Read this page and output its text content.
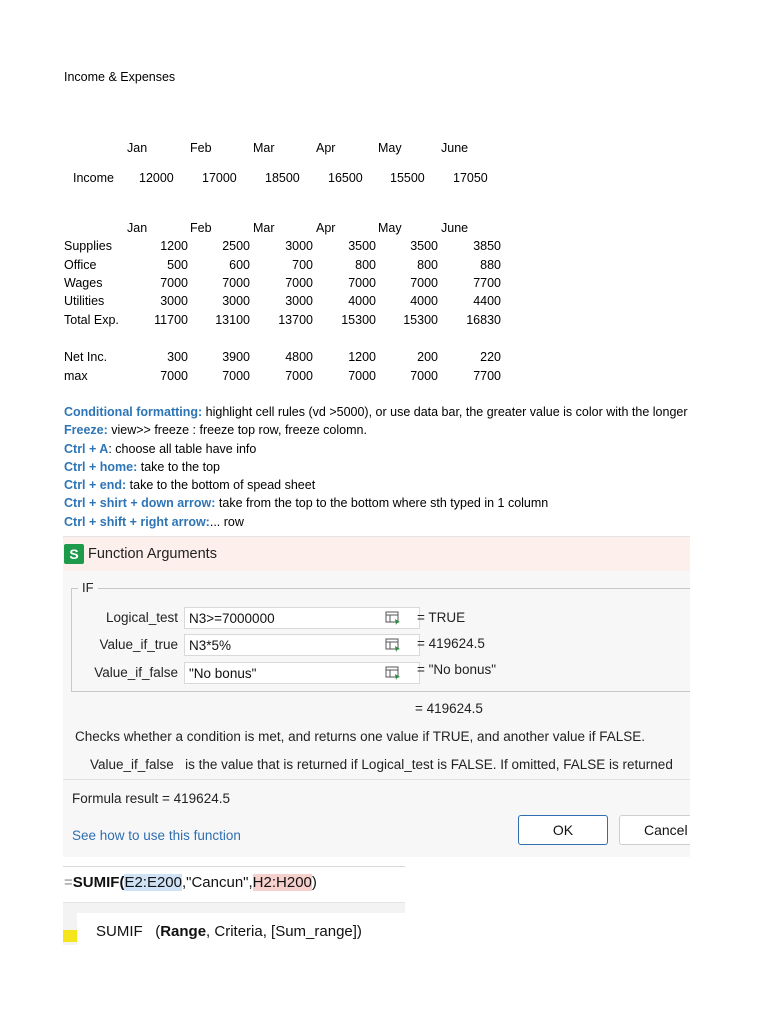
Income & Expenses
Jan	Feb	Mar	Apr	May	June
Income 12000 17000 18500 16500 15500 17050
Jan	Feb	Mar	Apr	May	June
Supplies	1200	2500	3000	3500	3500	3850
Office	500	600	700	800	800	880
Wages	7000	7000	7000	7000	7000	7700
Utilities	3000	3000	3000	4000	4000	4400
Total Exp.	11700	13100	13700	15300	15300	16830
Net Inc.	300	3900	4800	1200	200	220
max	7000	7000	7000	7000	7000	7700
Conditional formatting: highlight cell rules (vd >5000), or use data bar, the greater value is color with the longer
Freeze: view>> freeze : freeze top row, freeze colomn.
Ctrl + A: choose all table have info
Ctrl + home: take to the top
Ctrl + end: take to the bottom of spead sheet
Ctrl + shirt + down arrow: take from the top to the bottom where sth typed in 1 column
Ctrl + shift + right arrow:... row
S Function Arguments
IF
Logical_test N3>=7000000	= TRUE
Value_if_true N3*5%	= 419624.5
Value_if_false "No bonus"	= "No bonus"
= 419624.5
Checks whether a condition is met, and returns one value if TRUE, and another value if FALSE.
Value_if_false is the value that is returned if Logical_test is FALSE. If omitted, FALSE is returned
Formula result = 419624.5
See how to use this function	OK	Cancel
=SUMIF(E2:E200,"Cancun",H2:H200)
SUMIF (Range, Criteria, [Sum_range])
